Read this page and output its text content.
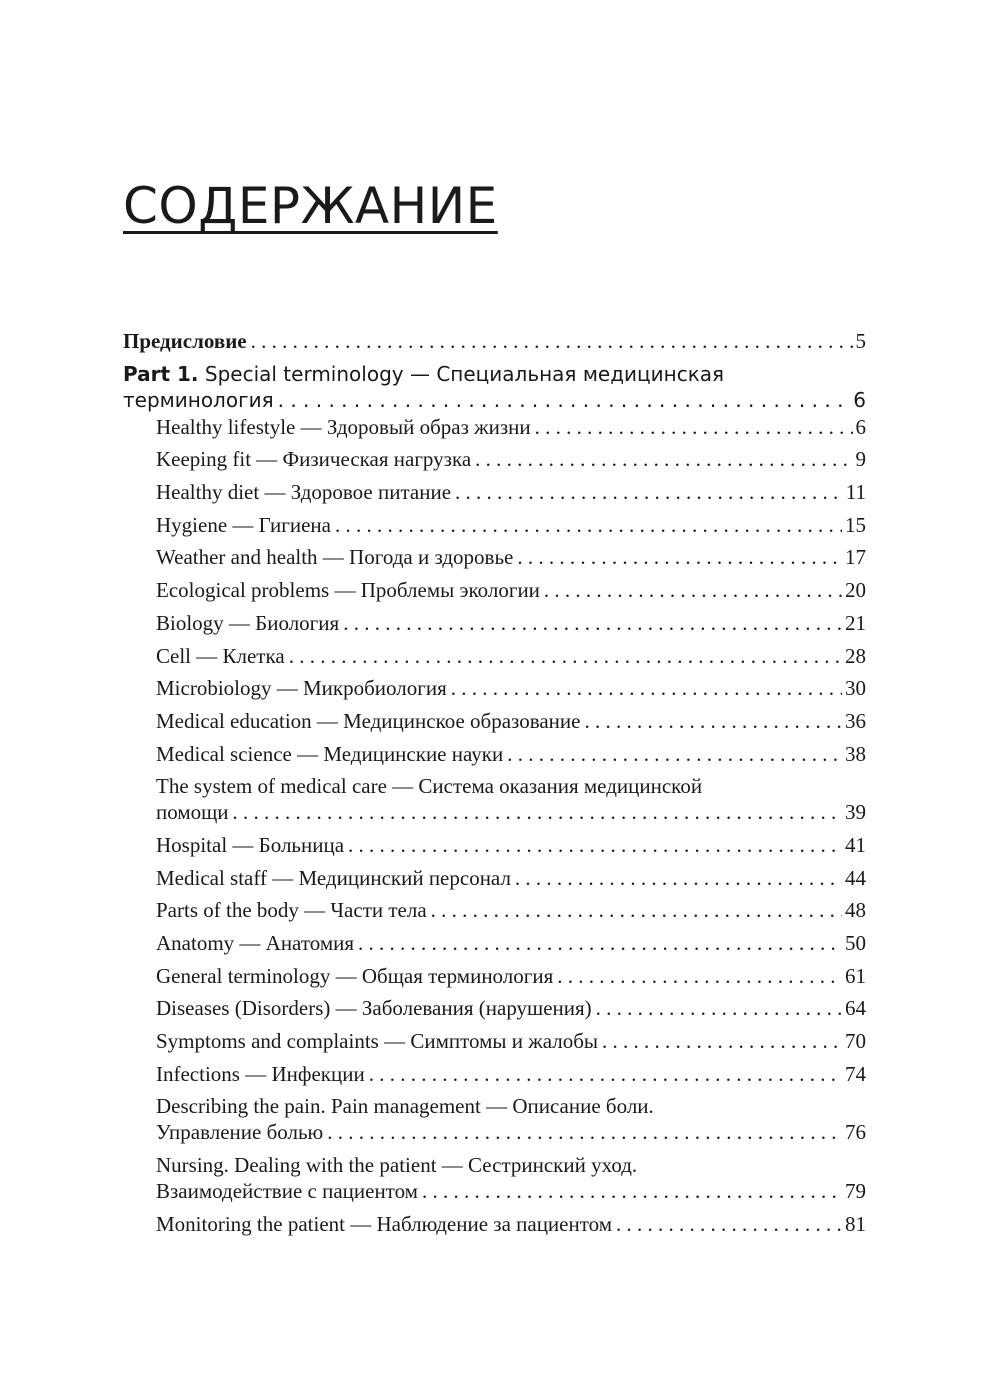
СОДЕРЖАНИЕ
Предисловие . . .	5
Part 1. Special terminology — Специальная медицинская
терминология . . .	6
Healthy lifestyle — Здоровый образ жизни . . .	6
Keeping fit — Физическая нагрузка . . .	9
Healthy diet — Здоровое питание . . .	11
Hygiene — Гигиена . . .	15
Weather and health — Погода и здоровье . . .	17
Ecological problems — Проблемы экологии . . .	20
Biology — Биология . . .	21
Cell — Клетка . . .	28
Microbiology — Микробиология . . .	30
Medical education — Медицинское образование . . .	36
Medical science — Медицинские науки . . .	38
The system of medical care — Система оказания медицинской
помощи . . .	39
Hospital — Больница . . .	41
Medical staff — Медицинский персонал . . .	44
Parts of the body — Части тела . . .	48
Anatomy — Анатомия . . .	50
General terminology — Общая терминология . . .	61
Diseases (Disorders) — Заболевания (нарушения) . . .	64
Symptoms and complaints — Симптомы и жалобы . . .	70
Infections — Инфекции . . .	74
Describing the pain. Pain management — Описание боли.
Управление болью . . .	76
Nursing. Dealing with the patient — Сестринский уход.
Взаимодействие с пациентом . . .	79
Monitoring the patient — Наблюдение за пациентом . . .	81
